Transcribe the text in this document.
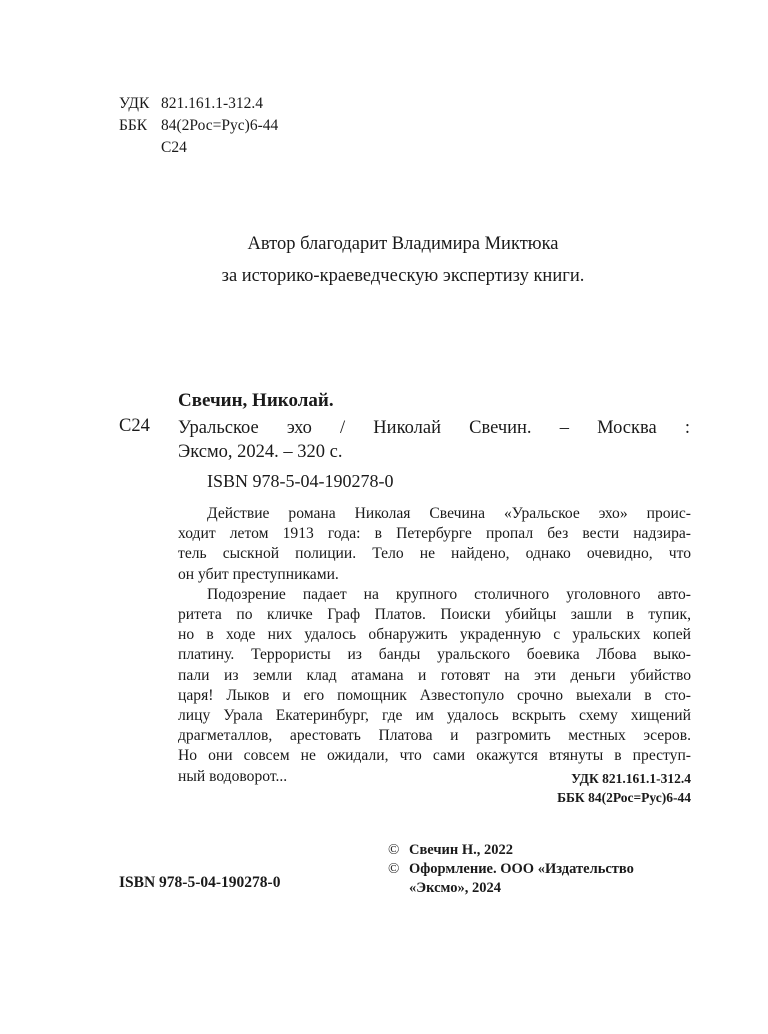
УДК 821.161.1-312.4
ББК 84(2Рос=Рус)6-44
С24
Автор благодарит Владимира Миктюка
за историко-краеведческую экспертизу книги.
Свечин, Николай.
С24 Уральское эхо / Николай Свечин. – Москва :
Эксмо, 2024. – 320 с.
ISBN 978-5-04-190278-0
Действие романа Николая Свечина «Уральское эхо» проис-
ходит летом 1913 года: в Петербурге пропал без вести надзира-
тель сыскной полиции. Тело не найдено, однако очевидно, что
он убит преступниками.
Подозрение падает на крупного столичного уголовного авто-
ритета по кличке Граф Платов. Поиски убийцы зашли в тупик,
но в ходе них удалось обнаружить украденную с уральских копей
платину. Террористы из банды уральского боевика Лбова выко-
пали из земли клад атамана и готовят на эти деньги убийство
царя! Лыков и его помощник Азвестопуло срочно выехали в сто-
лицу Урала Екатеринбург, где им удалось вскрыть схему хищений
драгметаллов, арестовать Платова и разгромить местных эсеров.
Но они совсем не ожидали, что сами окажутся втянуты в преступ-
ный водоворот...	УДК 821.161.1-312.4
ББК 84(2Рос=Рус)6-44
ISBN 978-5-04-190278-0
© Свечин Н., 2022
© Оформление. ООО «Издательство
«Эксмо», 2024
